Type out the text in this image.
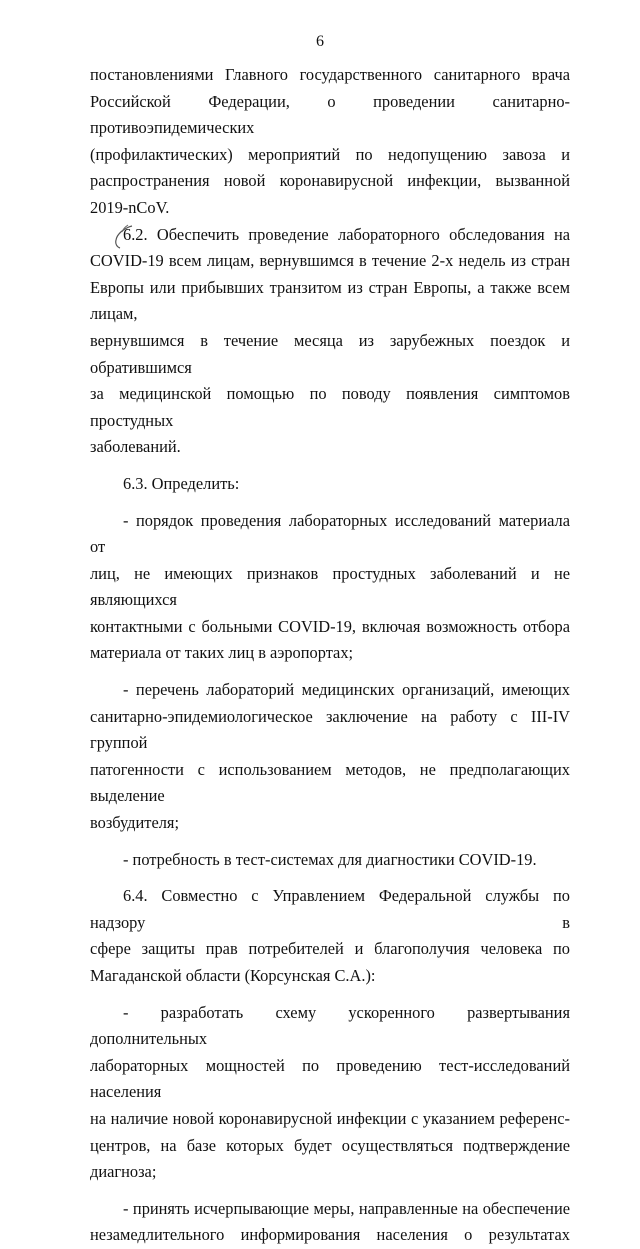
6

постановлениями Главного государственного санитарного врача

Российской Федерации, о проведении санитарно-противоэпидемических

(профилактических) мероприятий по недопущению завоза и

распространения новой коронавирусной инфекции, вызванной

2019-nCoV.

6.2. Обеспечить проведение лабораторного обследования на

COVID-19 всем лицам, вернувшимся в течение 2-х недель из стран

Европы или прибывших транзитом из стран Европы, а также всем лицам,

вернувшимся в течение месяца из зарубежных поездок и обратившимся

за медицинской помощью по поводу появления симптомов простудных

заболеваний.

6.3. Определить:

- порядок проведения лабораторных исследований материала от

лиц, не имеющих признаков простудных заболеваний и не являющихся

контактными с больными COVID-19, включая возможность отбора

материала от таких лиц в аэропортах;

- перечень лабораторий медицинских организаций, имеющих

санитарно-эпидемиологическое заключение на работу с III-IV группой

патогенности с использованием методов, не предполагающих выделение

возбудителя;

- потребность в тест-системах для диагностики COVID-19.

6.4. Совместно с Управлением Федеральной службы по надзору в

сфере защиты прав потребителей и благополучия человека по

Магаданской области (Корсунская С.А.):

- разработать схему ускоренного развертывания дополнительных

лабораторных мощностей по проведению тест-исследований населения

на наличие новой коронавирусной инфекции с указанием референс-

центров, на базе которых будет осуществляться подтверждение диагноза;

- принять исчерпывающие меры, направленные на обеспечение

незамедлительного информирования населения о результатах
